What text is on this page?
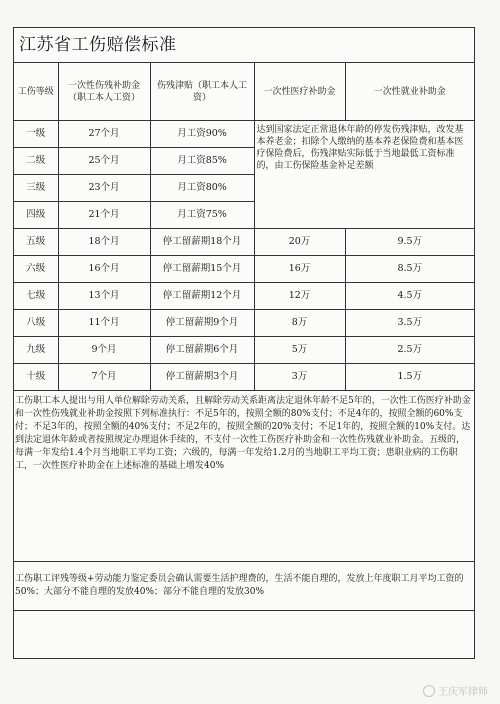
江苏省工伤赔偿标准
工伤等级	一次性伤残补助金（职工本人工资）	伤残津贴（职工本人工资）	一次性医疗补助金	一次性就业补助金
一级	27个月	月工资90%	达到国家法定正常退休年龄的停发伤残津贴，改发基本养老金；扣除个人缴纳的基本养老保险费和基本医疗保险费后，伤残津贴实际低于当地最低工资标准的，由工伤保险基金补足差额	
二级	25个月	月工资85%		
三级	23个月	月工资80%		
四级	21个月	月工资75%		
五级	18个月	停工留薪期18个月	20万	9.5万
六级	16个月	停工留薪期15个月	16万	8.5万
七级	13个月	停工留薪期12个月	12万	4.5万
八级	11个月	停工留薪期9个月	8万	3.5万
九级	9个月	停工留薪期6个月	5万	2.5万
十级	7个月	停工留薪期3个月	3万	1.5万
工伤职工本人提出与用人单位解除劳动关系，且解除劳动关系距离法定退休年龄不足5年的，一次性工伤医疗补助金和一次性伤残就业补助金按照下列标准执行：不足5年的，按照全额的80%支付；不足4年的，按照全额的60%支付；不足3年的，按照全额的40%支付；不足2年的，按照全额的20%支付；不足1年的，按照全额的10%支付。达到法定退休年龄或者按照规定办理退休手续的，不支付一次性工伤医疗补助金和一次性伤残就业补助金。五级的，每满一年发给1.4个月当地职工平均工资；六级的，每满一年发给1.2月的当地职工平均工资；患职业病的工伤职工，一次性医疗补助金在上述标准的基础上增发40%				
工伤职工评残等级+劳动能力鉴定委员会确认需要生活护理费的，生活不能自理的，发放上年度职工月平均工资的50%；大部分不能自理的发放40%；部分不能自理的发放30%				
王庆军律师
